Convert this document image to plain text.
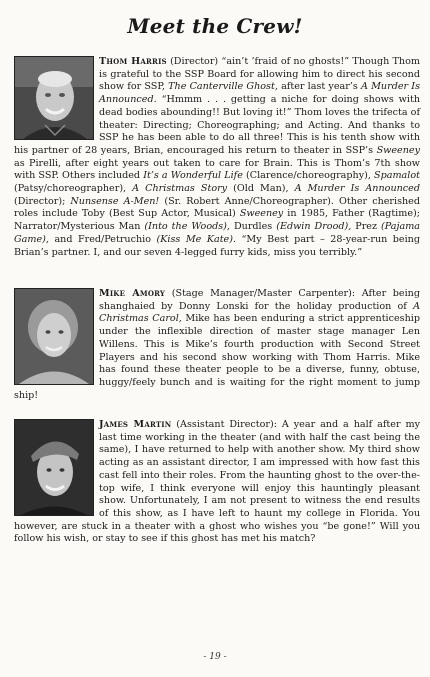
Meet the Crew!
Thom Harris (Director) “ain’t ’fraid of no ghosts!” Though Thom is grateful to the SSP Board for allowing him to direct his second show for SSP, The Canterville Ghost, after last year’s A Murder Is Announced. “Hmmm . . . getting a niche for doing shows with dead bodies abounding!! But loving it!” Thom loves the trifecta of theater: Directing; Choreographing; and Acting. And thanks to SSP he has been able to do all three! This is his tenth show with his partner of 28 years, Brian, encouraged his return to theater in SSP’s Sweeney as Pirelli, after eight years out taken to care for Brain. This is Thom’s 7th show with SSP. Others included It’s a Wonderful Life (Clarence/choreography), Spamalot (Patsy/choreographer), A Christmas Story (Old Man), A Murder Is Announced (Director); Nunsense A-Men! (Sr. Robert Anne/Choreographer). Other cherished roles include Toby (Best Sup Actor, Musical) Sweeney in 1985, Father (Ragtime); Narrator/Mysterious Man (Into the Woods), Durdles (Edwin Drood), Prez (Pajama Game), and Fred/Petruchio (Kiss Me Kate). “My Best part – 28-year-run being Brian’s partner. I, and our seven 4-legged furry kids, miss you terribly.”
Mike Amory (Stage Manager/Master Carpenter): After being shanghaied by Donny Lonski for the holiday production of A Christmas Carol, Mike has been enduring a strict apprenticeship under the inflexible direction of master stage manager Len Willens. This is Mike’s fourth production with Second Street Players and his second show working with Thom Harris. Mike has found these theater people to be a diverse, funny, obtuse, huggy/feely bunch and is waiting for the right moment to jump ship!
James Martin (Assistant Director): A year and a half after my last time working in the theater (and with half the cast being the same), I have returned to help with another show. My third show acting as an assistant director, I am impressed with how fast this cast fell into their roles. From the haunting ghost to the over-the-top wife, I think everyone will enjoy this hauntingly pleasant show. Unfortunately, I am not present to witness the end results of this show, as I have left to haunt my college in Florida. You however, are stuck in a theater with a ghost who wishes you “be gone!” Will you follow his wish, or stay to see if this ghost has met his match?
- 19 -
